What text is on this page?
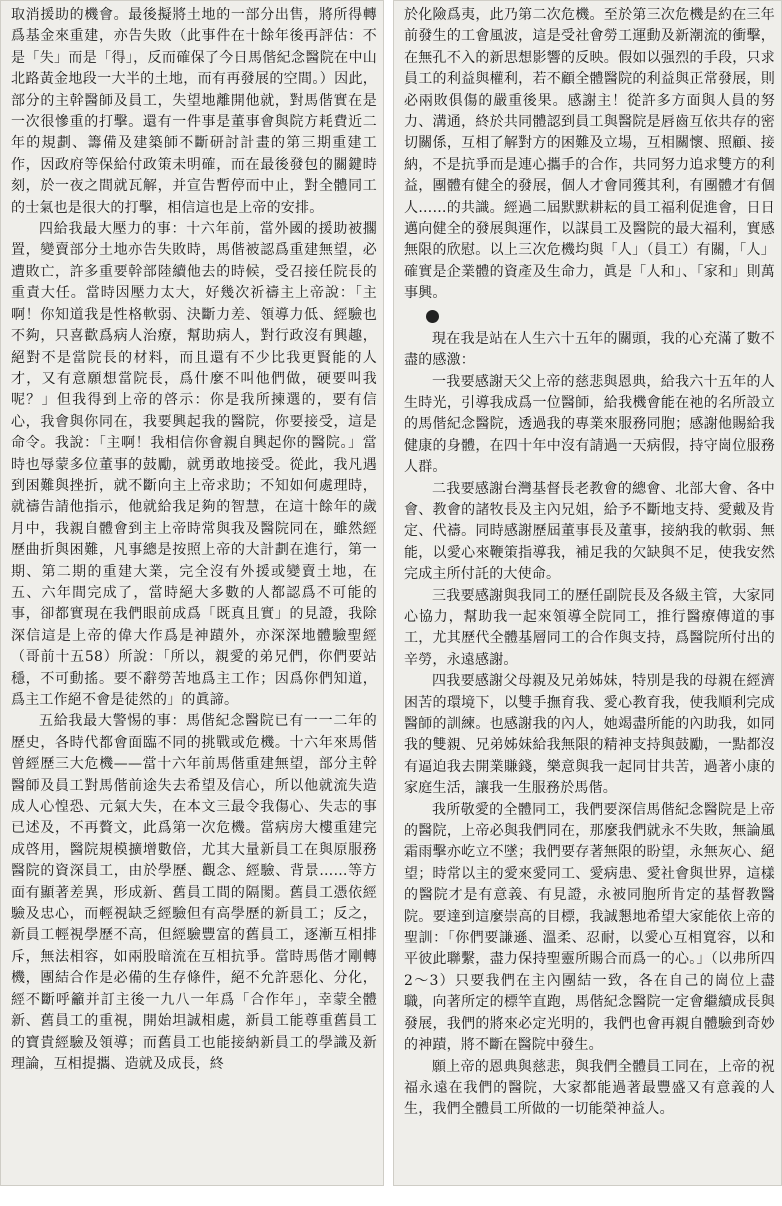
取消援助的機會。最後擬將土地的一部分出售，將所得轉爲基金來重建，亦告失敗（此事件在十餘年後再評估：不是「失」而是「得」，反而確保了今日馬偕紀念醫院在中山北路黃金地段一大半的土地，而有再發展的空間。）因此，部分的主幹醫師及員工，失望地離開他就，對馬偕實在是一次很慘重的打擊。還有一件事是董事會與院方耗費近二年的規劃、籌備及建築師不斷研討計畫的第三期重建工作，因政府等保給付政策未明確，而在最後發包的關鍵時刻，於一夜之間就瓦解，并宣告暫停而中止，對全體同工的士氣也是很大的打擊，相信這也是上帝的安排。

四給我最大壓力的事：十六年前，當外國的援助被擱置，變賣部分土地亦告失敗時，馬偕被認爲重建無望，必遭敗亡，許多重要幹部陸續他去的時候，受召接任院長的重責大任。當時因壓力太大，好幾次祈禱主上帝說：「主啊！你知道我是性格軟弱、決斷力差、領導力低、經驗也不夠，只喜歡爲病人治療，幫助病人，對行政沒有興趣，絕對不是當院長的材料，而且還有不少比我更賢能的人才，又有意願想當院長，爲什麼不叫他們做，硬要叫我呢？」但我得到上帝的啓示：你是我所揀選的，要有信心，我會與你同在，我要興起我的醫院，你要接受，這是命令。我說：「主啊！我相信你會親自興起你的醫院。」當時也辱蒙多位董事的鼓勵，就勇敢地接受。從此，我凡遇到困難與挫折，就不斷向主上帝求助；不知如何處理時，就禱告請他指示，他就給我足夠的智慧，在這十餘年的歲月中，我親自體會到主上帝時常與我及醫院同在，雖然經歷曲折與困難，凡事總是按照上帝的大計劃在進行，第一期、第二期的重建大業，完全沒有外援或變賣土地，在五、六年間完成了，當時絕大多數的人都認爲不可能的事，卻都實現在我們眼前成爲「既真且實」的見證，我除深信這是上帝的偉大作爲是神蹟外，亦深深地體驗聖經（哥前十五58）所說：「所以，親愛的弟兄們，你們要站穩，不可動搖。要不辭勞苦地爲主工作；因爲你們知道，爲主工作絕不會是徒然的」的眞諦。

五給我最大警惕的事：馬偕紀念醫院已有一一二年的歷史，各時代都會面臨不同的挑戰或危機。十六年來馬偕曾經歷三大危機——當十六年前馬偕重建無望，部分主幹醫師及員工對馬偕前途失去希望及信心，所以他就流失造成人心惶恐、元氣大失，在本文三最令我傷心、失志的事已述及，不再贅文，此爲第一次危機。當病房大樓重建完成啓用，醫院規模擴增數倍，尤其大量新員工在與原服務醫院的資深員工，由於學歷、觀念、經驗、背景……等方面有顯著差異，形成新、舊員工間的隔閡。舊員工憑依經驗及忠心，而輕視缺乏經驗但有高學歷的新員工；反之，新員工輕視學歷不高，但經驗豐富的舊員工，逐漸互相排斥，無法相容，如兩股暗流在互相抗爭。當時馬偕才剛轉機，團結合作是必備的生存條件，絕不允許惡化、分化，經不斷呼籲并訂主後一九八一年爲「合作年」，幸蒙全體新、舊員工的重視，開始坦誠相處，新員工能尊重舊員工的寶貴經驗及領導；而舊員工也能接納新員工的學識及新理論，互相提攜、造就及成長，終

於化險爲夷，此乃第二次危機。至於第三次危機是約在三年前發生的工會風波，這是受社會勞工運動及新潮流的衝擊，在無孔不入的新思想影響的反映。假如以强烈的手段，只求員工的利益與權利，若不顧全體醫院的利益與正常發展，則必兩敗俱傷的嚴重後果。感謝主！從許多方面與人員的努力、溝通，終於共同體認到員工與醫院是唇齒互依共存的密切關係，互相了解對方的困難及立場，互相關懷、照顧、接納，不是抗爭而是連心攜手的合作，共同努力追求雙方的利益，團體有健全的發展，個人才會同獲其利，有團體才有個人……的共識。經過二屆默默耕耘的員工福利促進會，日日邁向健全的發展與運作，以謀員工及醫院的最大福利，實感無限的欣慰。以上三次危機均與「人」（員工）有關，「人」確實是企業體的資產及生命力，眞是「人和」、「家和」則萬事興。

現在我是站在人生六十五年的關頭，我的心充滿了數不盡的感激：

一我要感謝天父上帝的慈悲與恩典，給我六十五年的人生時光，引導我成爲一位醫師，給我機會能在祂的名所設立的馬偕紀念醫院，透過我的專業來服務同胞；感謝他賜給我健康的身體，在四十年中沒有請過一天病假，持守崗位服務人群。

二我要感謝台灣基督長老教會的總會、北部大會、各中會、教會的諸牧長及主內兄姐，給予不斷地支持、愛戴及肯定、代禱。同時感謝歷屆董事長及董事，接納我的軟弱、無能，以愛心來鞭策指導我，補足我的欠缺與不足，使我安然完成主所付託的大使命。

三我要感謝與我同工的歷任副院長及各級主管，大家同心協力，幫助我一起來領導全院同工，推行醫療傳道的事工，尤其歷代全體基層同工的合作與支持，爲醫院所付出的辛勞，永遠感謝。

四我要感謝父母親及兄弟姊妹，特別是我的母親在經濟困苦的環境下，以雙手撫育我、愛心教育我，使我順利完成醫師的訓練。也感謝我的內人，她竭盡所能的內助我，如同我的雙親、兄弟姊妹給我無限的精神支持與鼓勵，一點都沒有逼迫我去開業賺錢，樂意與我一起同甘共苦，過著小康的家庭生活，讓我一生服務於馬偕。

我所敬愛的全體同工，我們要深信馬偕紀念醫院是上帝的醫院，上帝必與我們同在，那麼我們就永不失敗，無論風霜雨擊亦屹立不墜；我們要存著無限的盼望，永無灰心、絕望；時常以主的愛來愛同工、愛病患、愛社會與世界，這樣的醫院才是有意義、有見證，永被同胞所肯定的基督教醫院。要達到這麼崇高的目標，我誠懇地希望大家能依上帝的聖訓：「你們要謙遜、溫柔、忍耐，以愛心互相寬容，以和平彼此聯繫，盡力保持聖靈所賜合而爲一的心。」（以弗所四2～3）只要我們在主內團結一致，各在自己的崗位上盡職，向著所定的標竿直跑，馬偕紀念醫院一定會繼續成長與發展，我們的將來必定光明的，我們也會再親自體驗到奇妙的神蹟，將不斷在醫院中發生。

願上帝的恩典與慈悲，與我們全體員工同在，上帝的祝福永遠在我們的醫院，大家都能過著最豐盛又有意義的人生，我們全體員工所做的一切能榮神益人。
